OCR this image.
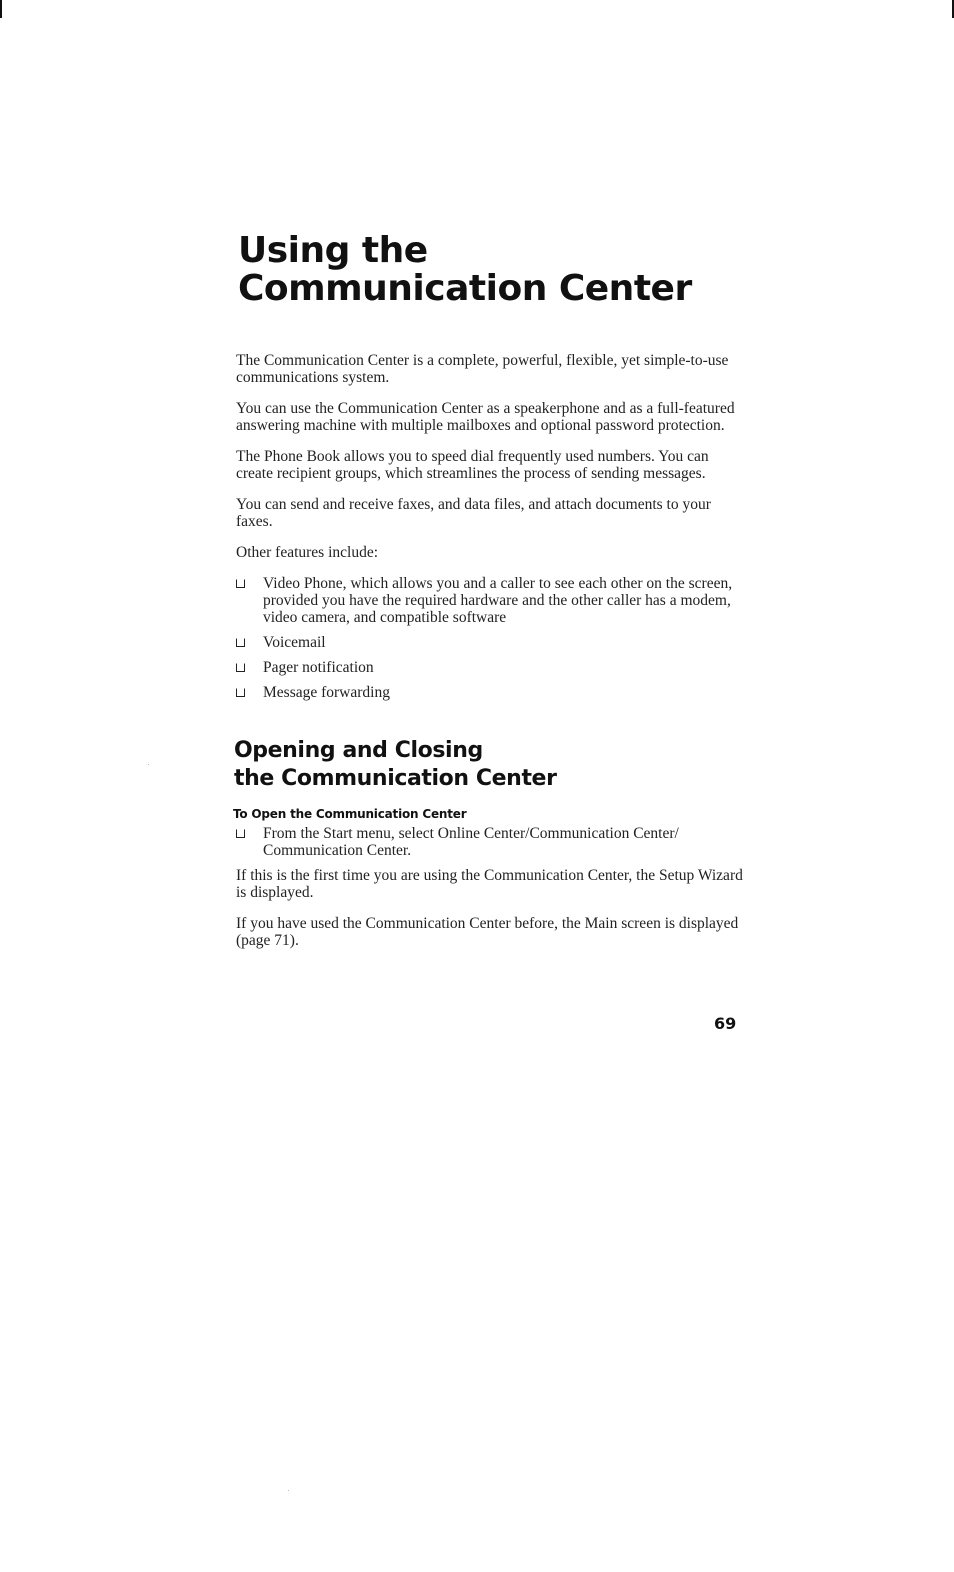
Using the
Communication Center

The Communication Center is a complete, powerful, flexible, yet simple-to-use communications system.

You can use the Communication Center as a speakerphone and as a full-featured answering machine with multiple mailboxes and optional password protection.

The Phone Book allows you to speed dial frequently used numbers. You can create recipient groups, which streamlines the process of sending messages.

You can send and receive faxes, and data files, and attach documents to your faxes.

Other features include:

Video Phone, which allows you and a caller to see each other on the screen, provided you have the required hardware and the other caller has a modem, video camera, and compatible software
Voicemail
Pager notification
Message forwarding
Opening and Closing
the Communication Center
To Open the Communication Center
From the Start menu, select Online Center/Communication Center/ Communication Center.

If this is the first time you are using the Communication Center, the Setup Wizard is displayed.

If you have used the Communication Center before, the Main screen is displayed (page 71).

69
